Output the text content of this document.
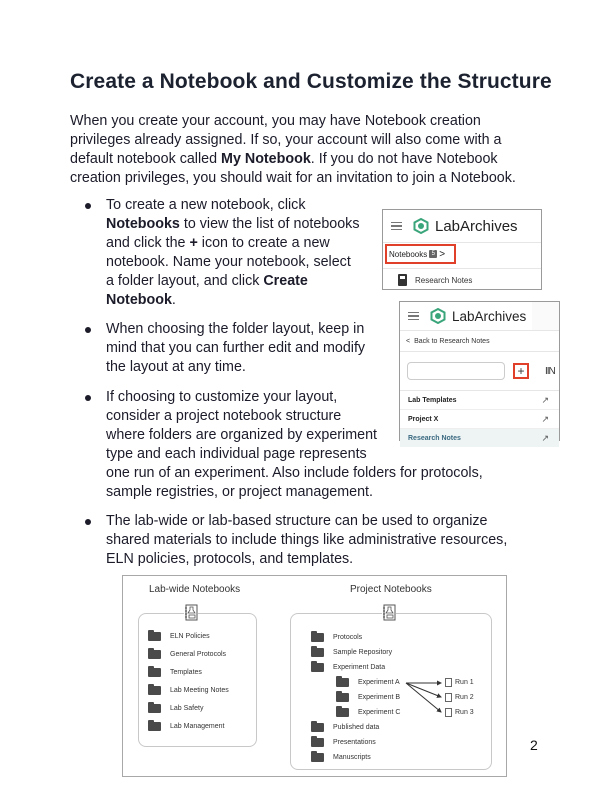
Create a Notebook and Customize the Structure

When you create your account, you may have Notebook creation privileges already assigned. If so, your account will also come with a default notebook called My Notebook. If you do not have Notebook creation privileges, you should wait for an invitation to join a Notebook.

To create a new notebook, click
Notebooks to view the list of notebooks
and click the + icon to create a new
notebook. Name your notebook, select
a folder layout, and click Create
Notebook.
When choosing the folder layout, keep in
mind that you can further edit and modify
the layout at any time.
If choosing to customize your layout,
consider a project notebook structure
where folders are organized by experiment
type and each individual page represents
one run of an experiment. Also include folders for protocols,
sample registries, or project management.
The lab-wide or lab-based structure can be used to organize
shared materials to include things like administrative resources,
ELN policies, protocols, and templates.
LabArchives
Notebooks 5 >
Research Notes
LabArchives
< Back to Research Notes
+	IIN
Lab Templates	↗
Project X	↗
Research Notes	↗
Lab-wide Notebooks	Project Notebooks
ELN Policies
General Protocols
Templates
Lab Meeting Notes
Lab Safety
Lab Management
Protocols
Sample Repository
Experiment Data
Experiment A
Experiment B
Experiment C
Published data
Presentations
Manuscripts
Run 1
Run 2
Run 3
2
